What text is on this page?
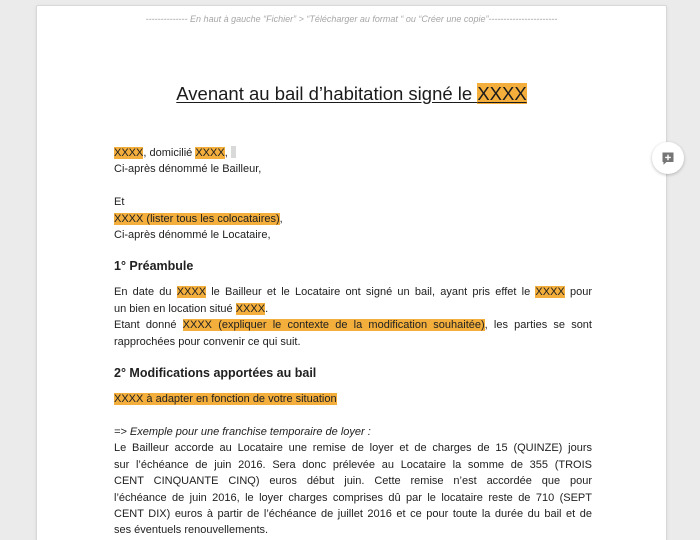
-------------- En haut à gauche “Fichier” > “Télécharger au format “ ou “Créer une copie”-----------------------
Avenant au bail d’habitation signé le XXXX
XXXX, domicilié XXXX,
Ci-après dénommé le Bailleur,

Et
XXXX (lister tous les colocataires),
Ci-après dénommé le Locataire,
1° Préambule
En date du XXXX le Bailleur et le Locataire ont signé un bail, ayant pris effet le XXXX pour
un bien en location situé XXXX.
Etant donné XXXX (expliquer le contexte de la modification souhaitée), les parties se sont
rapprochées pour convenir ce qui suit.
2° Modifications apportées au bail
XXXX à adapter en fonction de votre situation

=> Exemple pour une franchise temporaire de loyer :
Le Bailleur accorde au Locataire une remise de loyer et de charges de 15 (QUINZE) jours
sur l’échéance de juin 2016. Sera donc prélevée au Locataire la somme de 355 (TROIS
CENT CINQUANTE CINQ) euros début juin. Cette remise n’est accordée que pour
l’échéance de juin 2016, le loyer charges comprises dû par le locataire reste de 710 (SEPT
CENT DIX) euros à partir de l’échéance de juillet 2016 et ce pour toute la durée du bail et de
ses éventuels renouvellements.
